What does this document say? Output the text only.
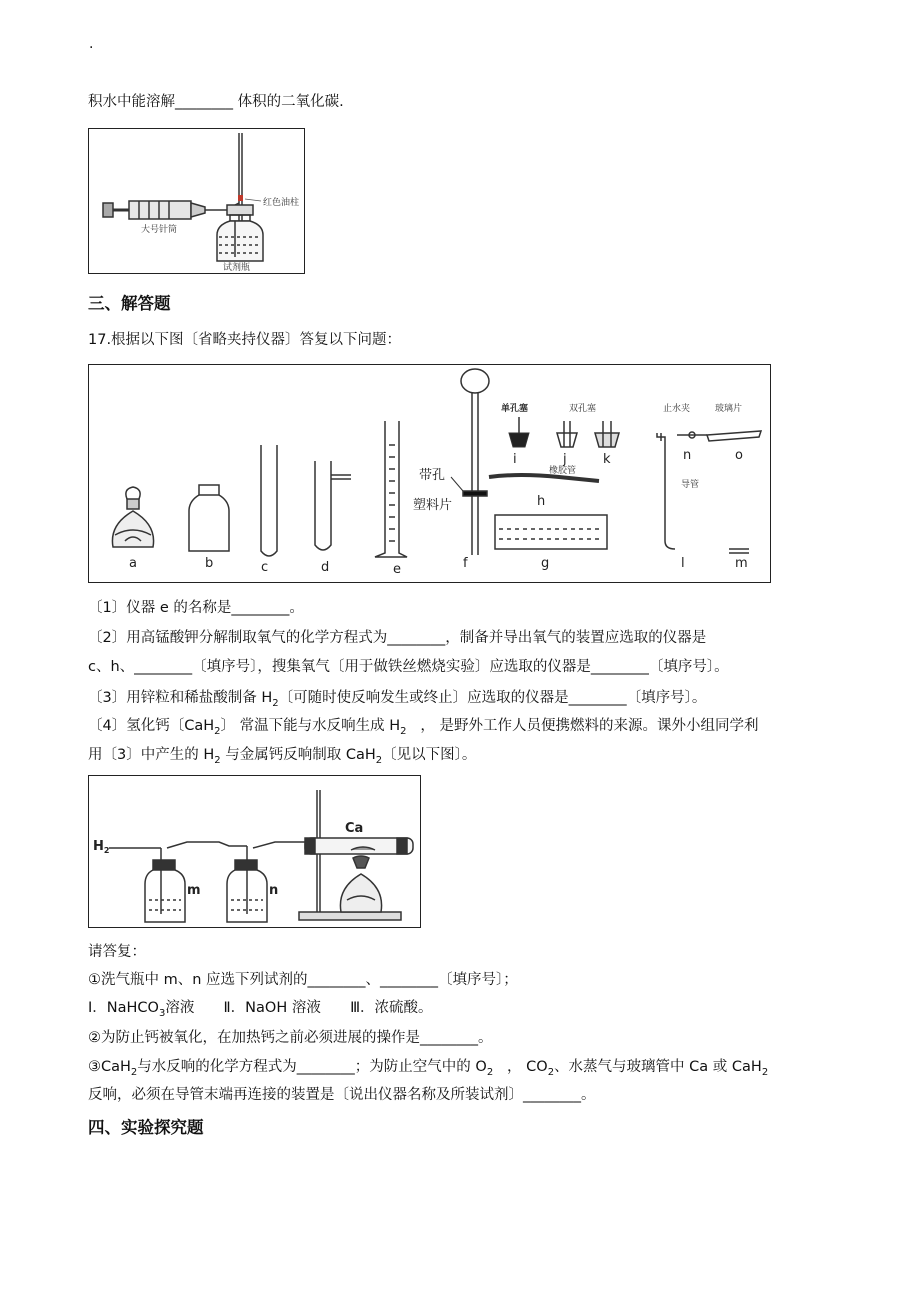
.
积水中能溶解________ 体积的二氧化碳.
大号针筒
红色油柱
试剂瓶
三、解答题
17.根据以下图〔省略夹持仪器〕答复以下问题：
带孔
塑料片
单孔塞	双孔塞
橡胶管
止水夹	玻璃片
导管
a	b	c	d	e	f	g
h
i	j	k
l	m
n	o
〔1〕仪器 e 的名称是________。
〔2〕用高锰酸钾分解制取氧气的化学方程式为________，制备并导出氧气的装置应选取的仪器是
c、h、________〔填序号〕，搜集氧气〔用于做铁丝燃烧实验〕应选取的仪器是________〔填序号〕。
〔3〕用锌粒和稀盐酸制备 $H_2$〔可随时使反响发生或终止〕应选取的仪器是________〔填序号〕。
〔4〕氢化钙〔CaH$_2$〕 常温下能与水反响生成 $H_2$ ， 是野外工作人员便携燃料的来源。课外小组同学利
用〔3〕中产生的 $H_2$ 与金属钙反响制取 CaH$_2$〔见以下图〕。
$H_2$
m	n
Ca
请答复：
①洗气瓶中 m、n 应选下列试剂的________、________〔填序号〕；
I．NaHCO$_3$溶液 Ⅱ．NaOH 溶液 Ⅲ．浓硫酸。
②为防止钙被氧化，在加热钙之前必须进展的操作是________。
③CaH$_2$与水反响的化学方程式为________；为防止空气中的 $O_2$ ， $CO_2$、水蒸气与玻璃管中 Ca 或 CaH$_2$
反响，必须在导管末端再连接的装置是〔说出仪器名称及所装试剂〕________。
四、实验探究题
